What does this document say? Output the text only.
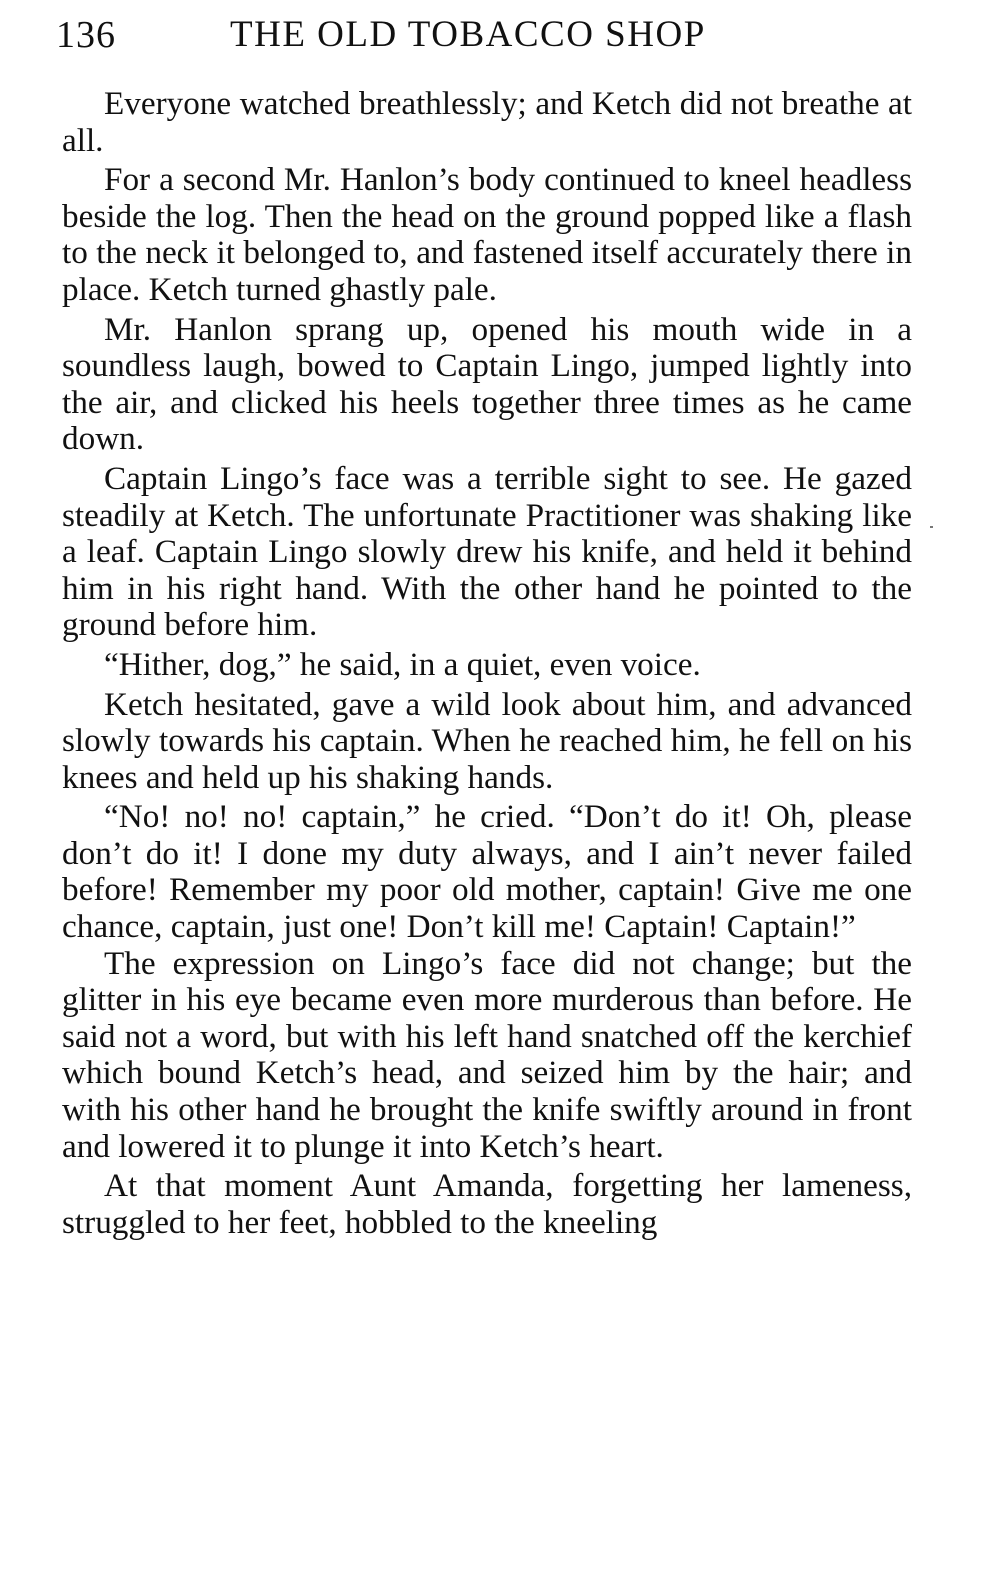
136	THE OLD TOBACCO SHOP

Everyone watched breathlessly; and Ketch did not breathe at all.

For a second Mr. Hanlon’s body continued to kneel headless beside the log. Then the head on the ground popped like a flash to the neck it belonged to, and fastened itself accurately there in place. Ketch turned ghastly pale.

Mr. Hanlon sprang up, opened his mouth wide in a soundless laugh, bowed to Captain Lingo, jumped lightly into the air, and clicked his heels together three times as he came down.

Captain Lingo’s face was a terrible sight to see. He gazed steadily at Ketch. The unfortunate Practitioner was shaking like a leaf. Captain Lingo slowly drew his knife, and held it behind him in his right hand. With the other hand he pointed to the ground before him.

“Hither, dog,” he said, in a quiet, even voice.

Ketch hesitated, gave a wild look about him, and advanced slowly towards his captain. When he reached him, he fell on his knees and held up his shaking hands.

“No! no! no! captain,” he cried. “Don’t do it! Oh, please don’t do it! I done my duty always, and I ain’t never failed before! Remember my poor old mother, captain! Give me one chance, captain, just one! Don’t kill me! Captain! Captain!”

The expression on Lingo’s face did not change; but the glitter in his eye became even more murderous than before. He said not a word, but with his left hand snatched off the kerchief which bound Ketch’s head, and seized him by the hair; and with his other hand he brought the knife swiftly around in front and lowered it to plunge it into Ketch’s heart.

At that moment Aunt Amanda, forgetting her lameness, struggled to her feet, hobbled to the kneeling
